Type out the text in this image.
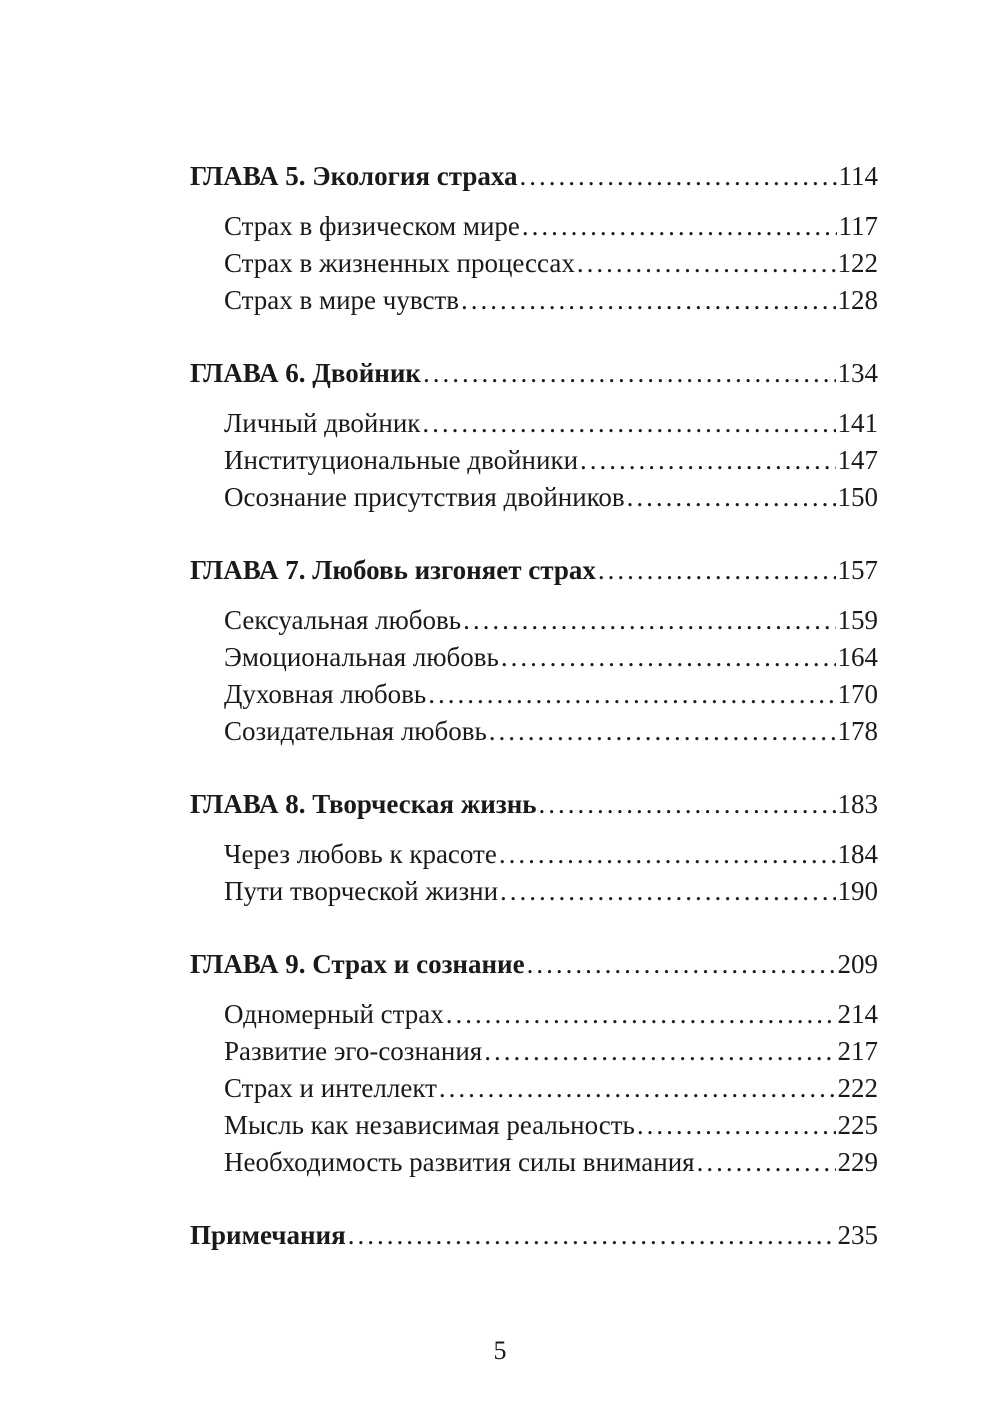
ГЛАВА 5. Экология страха .....	114
Страх в физическом мире .....	117
Страх в жизненных процессах .....	122
Страх в мире чувств .....	128
ГЛАВА 6. Двойник .....	134
Личный двойник .....	141
Институциональные двойники .....	147
Осознание присутствия двойников .....	150
ГЛАВА 7. Любовь изгоняет страх .....	157
Сексуальная любовь .....	159
Эмоциональная любовь .....	164
Духовная любовь .....	170
Созидательная любовь .....	178
ГЛАВА 8. Творческая жизнь .....	183
Через любовь к красоте .....	184
Пути творческой жизни .....	190
ГЛАВА 9. Страх и сознание .....	209
Одномерный страх .....	214
Развитие эго-сознания .....	217
Страх и интеллект .....	222
Мысль как независимая реальность .....	225
Необходимость развития силы внимания .....	229
Примечания .....	235
5
